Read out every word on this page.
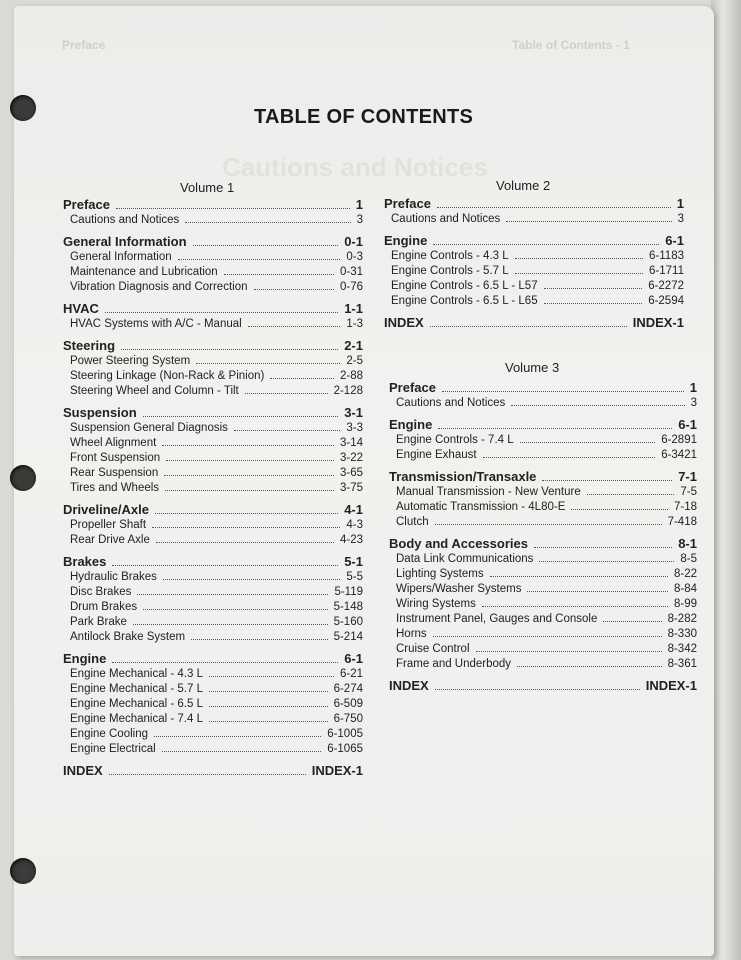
Preface	Table of Contents - 1
Cautions and Notices
TABLE OF CONTENTS
Volume 1
Preface	1
Cautions and Notices	3
General Information	0-1
General Information	0-3
Maintenance and Lubrication	0-31
Vibration Diagnosis and Correction	0-76
HVAC	1-1
HVAC Systems with A/C - Manual	1-3
Steering	2-1
Power Steering System	2-5
Steering Linkage (Non-Rack & Pinion)	2-88
Steering Wheel and Column - Tilt	2-128
Suspension	3-1
Suspension General Diagnosis	3-3
Wheel Alignment	3-14
Front Suspension	3-22
Rear Suspension	3-65
Tires and Wheels	3-75
Driveline/Axle	4-1
Propeller Shaft	4-3
Rear Drive Axle	4-23
Brakes	5-1
Hydraulic Brakes	5-5
Disc Brakes	5-119
Drum Brakes	5-148
Park Brake	5-160
Antilock Brake System	5-214
Engine	6-1
Engine Mechanical - 4.3 L	6-21
Engine Mechanical - 5.7 L	6-274
Engine Mechanical - 6.5 L	6-509
Engine Mechanical - 7.4 L	6-750
Engine Cooling	6-1005
Engine Electrical	6-1065
INDEX	INDEX-1
Volume 2
Preface	1
Cautions and Notices	3
Engine	6-1
Engine Controls - 4.3 L	6-1183
Engine Controls - 5.7 L	6-1711
Engine Controls - 6.5 L - L57	6-2272
Engine Controls - 6.5 L - L65	6-2594
INDEX	INDEX-1
Volume 3
Preface	1
Cautions and Notices	3
Engine	6-1
Engine Controls - 7.4 L	6-2891
Engine Exhaust	6-3421
Transmission/Transaxle	7-1
Manual Transmission - New Venture	7-5
Automatic Transmission - 4L80-E	7-18
Clutch	7-418
Body and Accessories	8-1
Data Link Communications	8-5
Lighting Systems	8-22
Wipers/Washer Systems	8-84
Wiring Systems	8-99
Instrument Panel, Gauges and Console	8-282
Horns	8-330
Cruise Control	8-342
Frame and Underbody	8-361
INDEX	INDEX-1
